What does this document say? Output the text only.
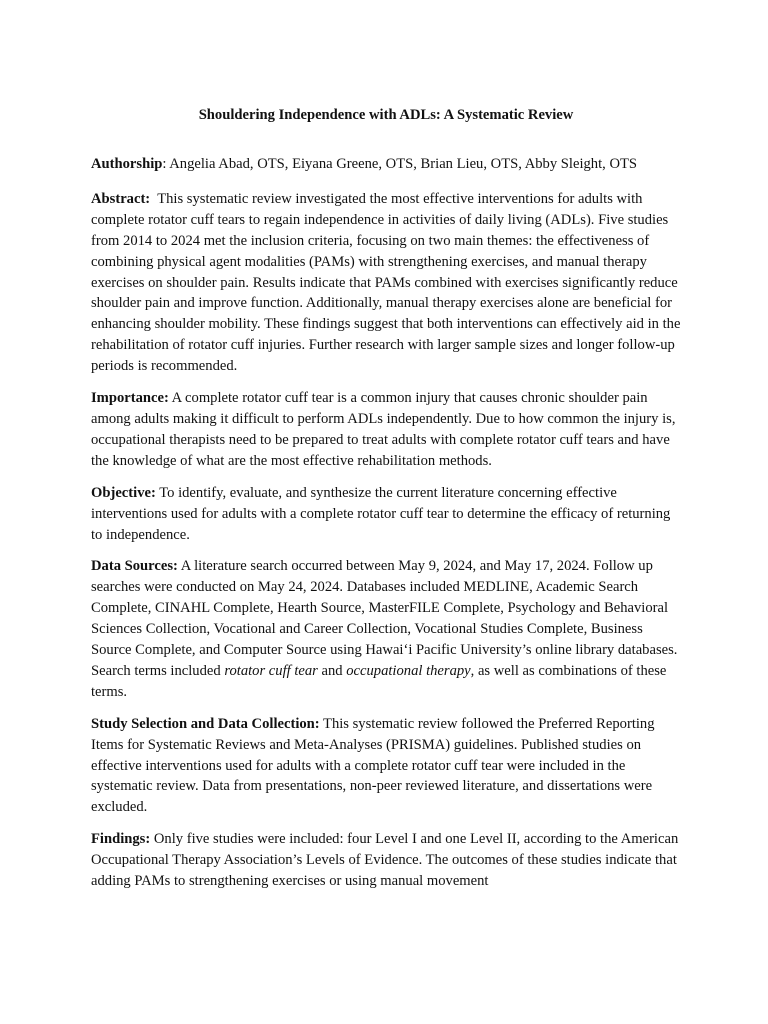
Shouldering Independence with ADLs: A Systematic Review

Authorship: Angelia Abad, OTS, Eiyana Greene, OTS, Brian Lieu, OTS, Abby Sleight, OTS

Abstract:  This systematic review investigated the most effective interventions for adults with complete rotator cuff tears to regain independence in activities of daily living (ADLs). Five studies from 2014 to 2024 met the inclusion criteria, focusing on two main themes: the effectiveness of combining physical agent modalities (PAMs) with strengthening exercises, and manual therapy exercises on shoulder pain. Results indicate that PAMs combined with exercises significantly reduce shoulder pain and improve function. Additionally, manual therapy exercises alone are beneficial for enhancing shoulder mobility. These findings suggest that both interventions can effectively aid in the rehabilitation of rotator cuff injuries. Further research with larger sample sizes and longer follow-up periods is recommended.

Importance: A complete rotator cuff tear is a common injury that causes chronic shoulder pain among adults making it difficult to perform ADLs independently. Due to how common the injury is, occupational therapists need to be prepared to treat adults with complete rotator cuff tears and have the knowledge of what are the most effective rehabilitation methods.

Objective: To identify, evaluate, and synthesize the current literature concerning effective interventions used for adults with a complete rotator cuff tear to determine the efficacy of returning to independence.

Data Sources: A literature search occurred between May 9, 2024, and May 17, 2024. Follow up searches were conducted on May 24, 2024. Databases included MEDLINE, Academic Search Complete, CINAHL Complete, Hearth Source, MasterFILE Complete, Psychology and Behavioral Sciences Collection, Vocational and Career Collection, Vocational Studies Complete, Business Source Complete, and Computer Source using Hawai‘i Pacific University’s online library databases. Search terms included rotator cuff tear and occupational therapy, as well as combinations of these terms.

Study Selection and Data Collection: This systematic review followed the Preferred Reporting Items for Systematic Reviews and Meta-Analyses (PRISMA) guidelines. Published studies on effective interventions used for adults with a complete rotator cuff tear were included in the systematic review. Data from presentations, non-peer reviewed literature, and dissertations were excluded.

Findings: Only five studies were included: four Level I and one Level II, according to the American Occupational Therapy Association’s Levels of Evidence. The outcomes of these studies indicate that adding PAMs to strengthening exercises or using manual movement
